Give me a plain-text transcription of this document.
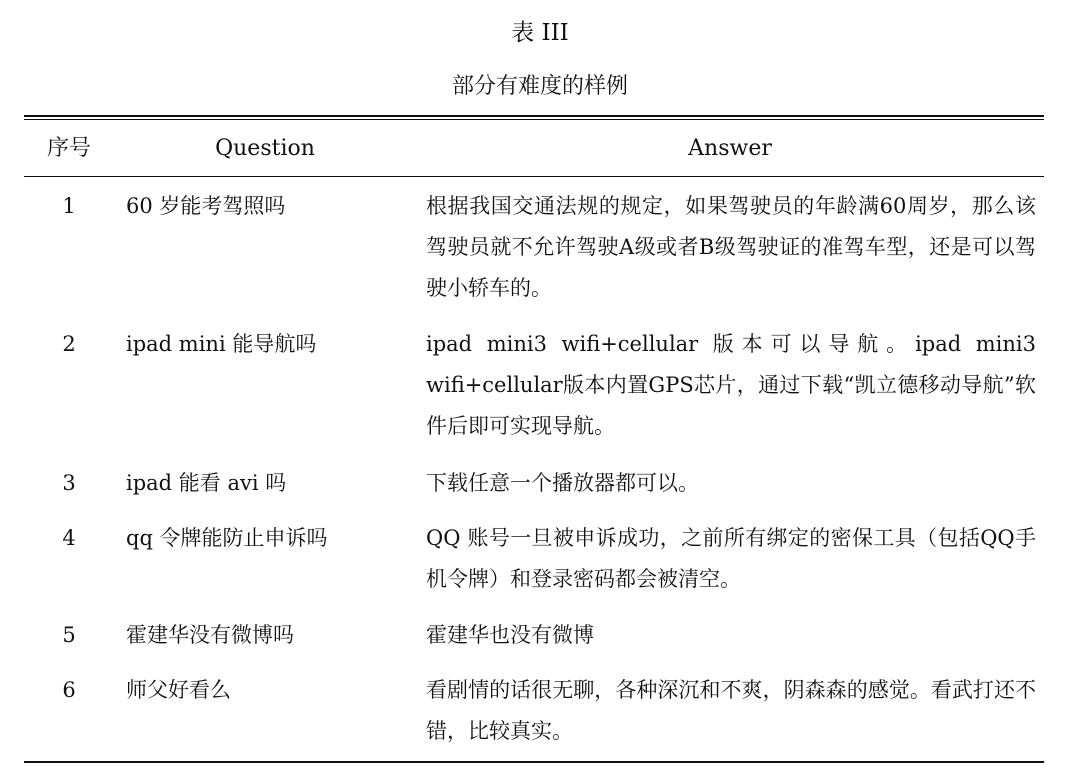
表 III
部分有难度的样例
序号	Question	Answer
1	60 岁能考驾照吗	根据我国交通法规的规定，如果驾驶员的年龄满60周岁，那么该驾驶员就不允许驾驶A级或者B级驾驶证的准驾车型，还是可以驾驶小轿车的。
2	ipad mini 能导航吗	ipad mini3 wifi+cellular 版本可以导航。ipad mini3 wifi+cellular版本内置GPS芯片，通过下载“凯立德移动导航”软件后即可实现导航。
3	ipad 能看 avi 吗	下载任意一个播放器都可以。
4	qq 令牌能防止申诉吗	QQ 账号一旦被申诉成功，之前所有绑定的密保工具（包括QQ手机令牌）和登录密码都会被清空。
5	霍建华没有微博吗	霍建华也没有微博
6	师父好看么	看剧情的话很无聊，各种深沉和不爽，阴森森的感觉。看武打还不错，比较真实。
